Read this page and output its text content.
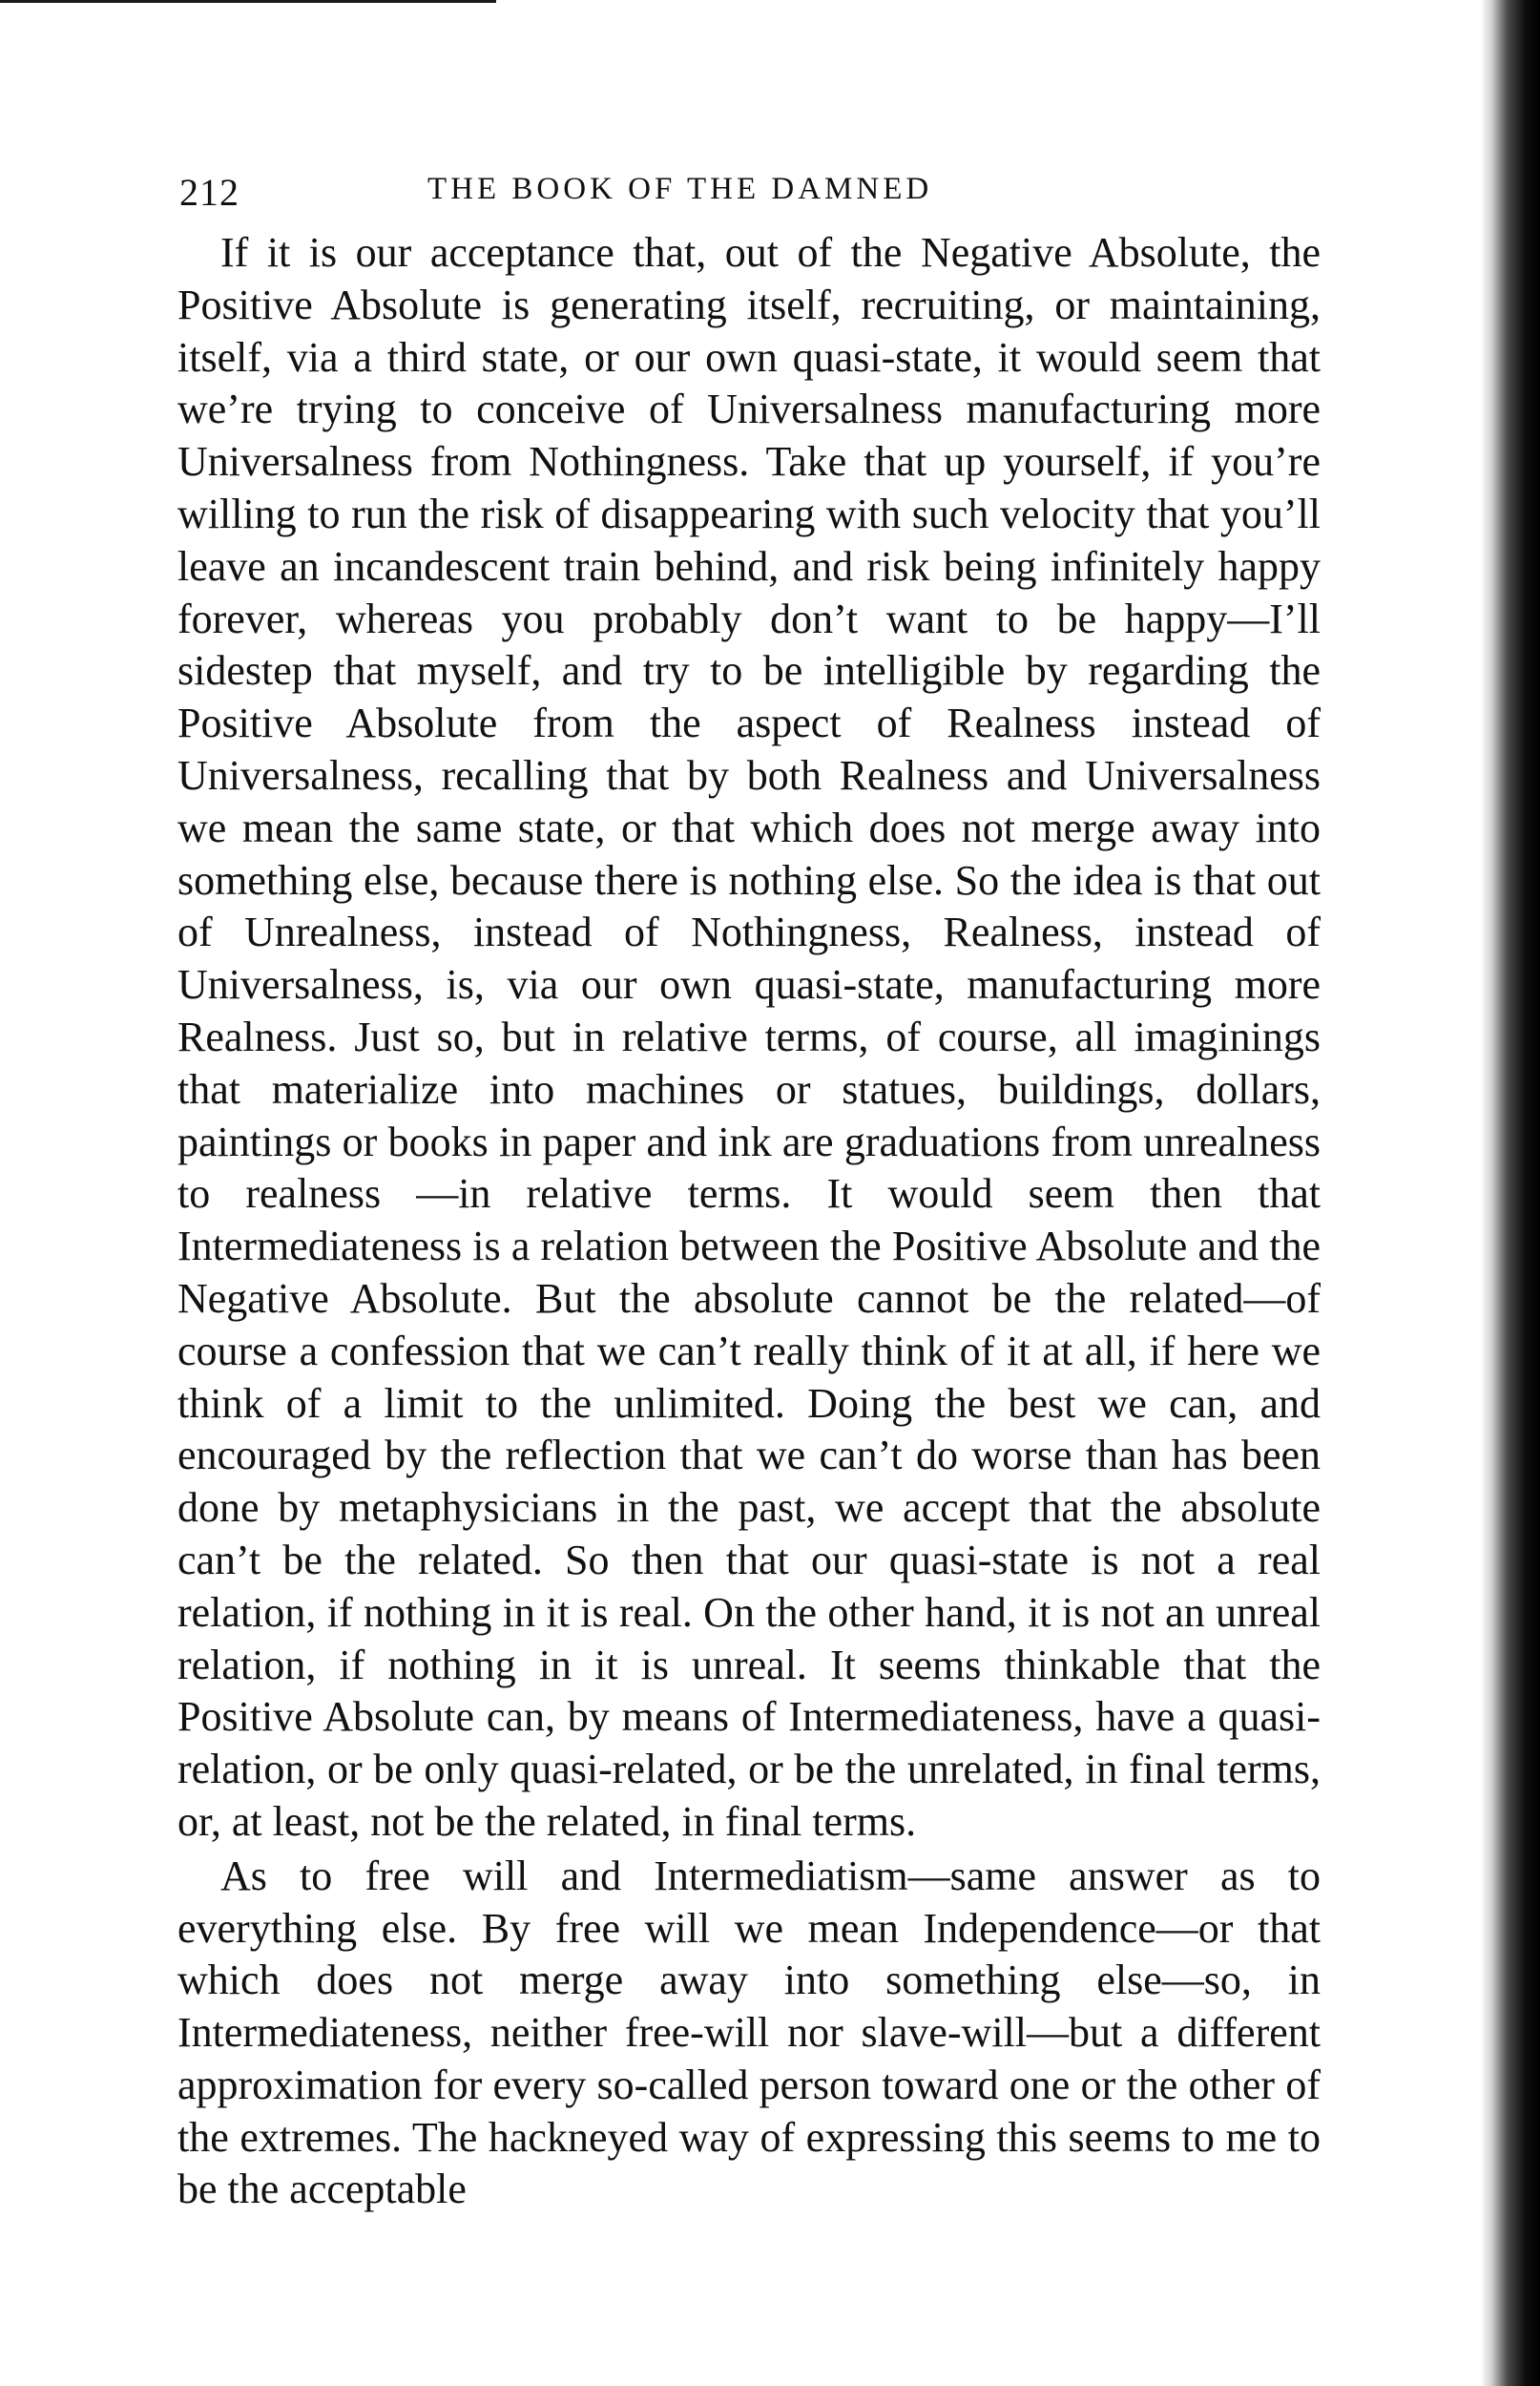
212	THE BOOK OF THE DAMNED

If it is our acceptance that, out of the Negative Absolute, the Positive Absolute is generating itself, recruiting, or maintaining, itself, via a third state, or our own quasi-state, it would seem that we’re trying to conceive of Universalness manufacturing more Universalness from Nothingness. Take that up yourself, if you’re willing to run the risk of disappearing with such velocity that you’ll leave an incandescent train behind, and risk being infinitely happy forever, whereas you probably don’t want to be happy—I’ll sidestep that myself, and try to be intelligible by regarding the Positive Absolute from the aspect of Realness instead of Universalness, recalling that by both Realness and Universalness we mean the same state, or that which does not merge away into something else, because there is nothing else. So the idea is that out of Unrealness, instead of Nothingness, Realness, instead of Universalness, is, via our own quasi-state, manufacturing more Realness. Just so, but in relative terms, of course, all imaginings that materialize into machines or statues, buildings, dollars, paintings or books in paper and ink are graduations from unrealness to realness —in relative terms. It would seem then that Intermediateness is a relation between the Positive Absolute and the Negative Absolute. But the absolute cannot be the related—of course a confession that we can’t really think of it at all, if here we think of a limit to the unlimited. Doing the best we can, and encouraged by the reflection that we can’t do worse than has been done by metaphysicians in the past, we accept that the absolute can’t be the related. So then that our quasi-state is not a real relation, if nothing in it is real. On the other hand, it is not an unreal relation, if nothing in it is unreal. It seems thinkable that the Positive Absolute can, by means of Intermediateness, have a quasi-relation, or be only quasi-related, or be the unrelated, in final terms, or, at least, not be the related, in final terms.

As to free will and Intermediatism—same answer as to everything else. By free will we mean Independence—or that which does not merge away into something else—so, in Intermediateness, neither free-will nor slave-will—but a different approximation for every so-called person toward one or the other of the extremes. The hackneyed way of expressing this seems to me to be the acceptable
